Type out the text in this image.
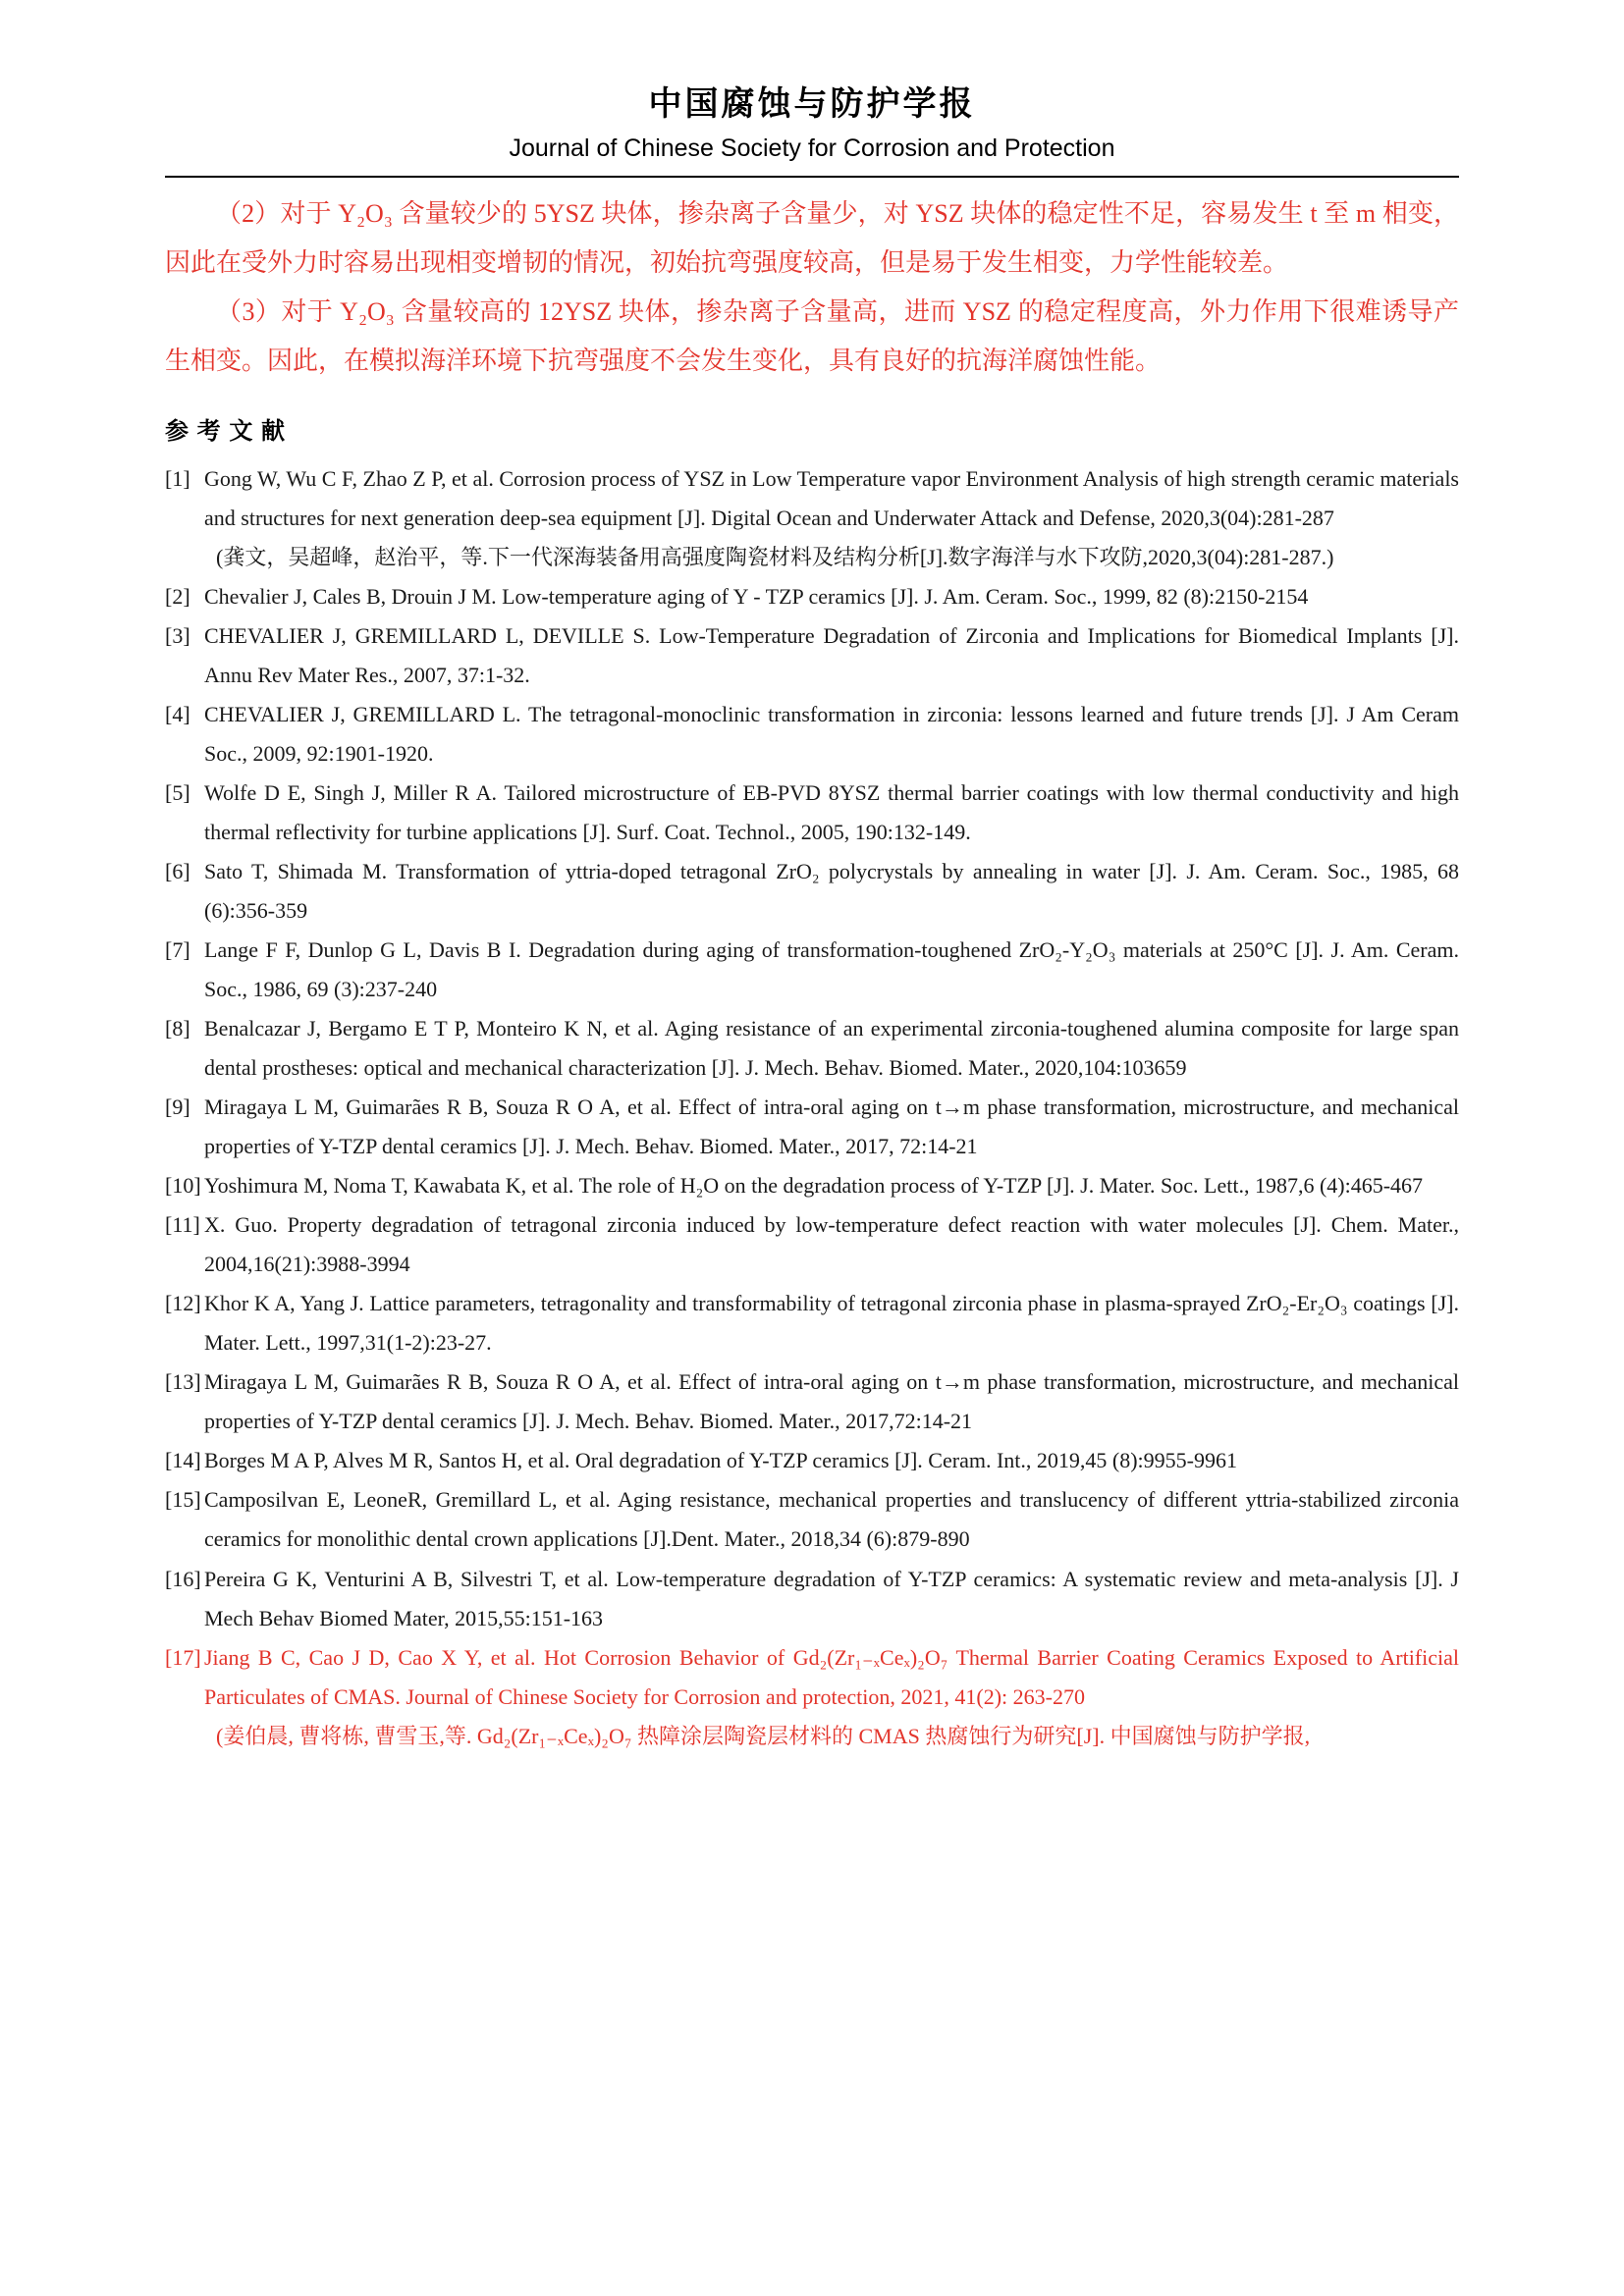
中国腐蚀与防护学报
Journal of Chinese Society for Corrosion and Protection

（2）对于 Y₂O₃ 含量较少的 5YSZ 块体，掺杂离子含量少，对 YSZ 块体的稳定性不足，容易发生 t 至 m 相变，因此在受外力时容易出现相变增韧的情况，初始抗弯强度较高，但是易于发生相变，力学性能较差。

（3）对于 Y₂O₃ 含量较高的 12YSZ 块体，掺杂离子含量高，进而 YSZ 的稳定程度高，外力作用下很难诱导产生相变。因此，在模拟海洋环境下抗弯强度不会发生变化，具有良好的抗海洋腐蚀性能。

参 考 文 献
[1] Gong W, Wu C F, Zhao Z P, et al. Corrosion process of YSZ in Low Temperature vapor Environment Analysis of high strength ceramic materials and structures for next generation deep-sea equipment [J]. Digital Ocean and Underwater Attack and Defense, 2020,3(04):281-287

(龚文，吴超峰，赵治平，等.下一代深海装备用高强度陶瓷材料及结构分析[J].数字海洋与水下攻防,2020,3(04):281-287.)

[2] Chevalier J, Cales B, Drouin J M. Low-temperature aging of Y - TZP ceramics [J]. J. Am. Ceram. Soc., 1999, 82 (8):2150-2154

[3] CHEVALIER J, GREMILLARD L, DEVILLE S. Low-Temperature Degradation of Zirconia and Implications for Biomedical Implants [J]. Annu Rev Mater Res., 2007, 37:1-32.

[4] CHEVALIER J, GREMILLARD L. The tetragonal-monoclinic transformation in zirconia: lessons learned and future trends [J]. J Am Ceram Soc., 2009, 92:1901-1920.

[5] Wolfe D E, Singh J, Miller R A. Tailored microstructure of EB-PVD 8YSZ thermal barrier coatings with low thermal conductivity and high thermal reflectivity for turbine applications [J]. Surf. Coat. Technol., 2005, 190:132-149.

[6] Sato T, Shimada M. Transformation of yttria-doped tetragonal ZrO₂ polycrystals by annealing in water [J]. J. Am. Ceram. Soc., 1985, 68 (6):356-359

[7] Lange F F, Dunlop G L, Davis B I. Degradation during aging of transformation-toughened ZrO₂-Y₂O₃ materials at 250°C [J]. J. Am. Ceram. Soc., 1986, 69 (3):237-240

[8] Benalcazar J, Bergamo E T P, Monteiro K N, et al. Aging resistance of an experimental zirconia-toughened alumina composite for large span dental prostheses: optical and mechanical characterization [J]. J. Mech. Behav. Biomed. Mater., 2020,104:103659

[9] Miragaya L M, Guimarães R B, Souza R O A, et al. Effect of intra-oral aging on t→m phase transformation, microstructure, and mechanical properties of Y-TZP dental ceramics [J]. J. Mech. Behav. Biomed. Mater., 2017, 72:14-21

[10] Yoshimura M, Noma T, Kawabata K, et al. The role of H₂O on the degradation process of Y-TZP [J]. J. Mater. Soc. Lett., 1987,6 (4):465-467

[11] X. Guo. Property degradation of tetragonal zirconia induced by low-temperature defect reaction with water molecules [J]. Chem. Mater., 2004,16(21):3988-3994

[12] Khor K A, Yang J. Lattice parameters, tetragonality and transformability of tetragonal zirconia phase in plasma-sprayed ZrO₂-Er₂O₃ coatings [J]. Mater. Lett., 1997,31(1-2):23-27.

[13] Miragaya L M, Guimarães R B, Souza R O A, et al. Effect of intra-oral aging on t→m phase transformation, microstructure, and mechanical properties of Y-TZP dental ceramics [J]. J. Mech. Behav. Biomed. Mater., 2017,72:14-21

[14] Borges M A P, Alves M R, Santos H, et al. Oral degradation of Y-TZP ceramics [J]. Ceram. Int., 2019,45 (8):9955-9961

[15] Camposilvan E, LeoneR, Gremillard L, et al. Aging resistance, mechanical properties and translucency of different yttria-stabilized zirconia ceramics for monolithic dental crown applications [J].Dent. Mater., 2018,34 (6):879-890

[16] Pereira G K, Venturini A B, Silvestri T, et al. Low-temperature degradation of Y-TZP ceramics: A systematic review and meta-analysis [J]. J Mech Behav Biomed Mater, 2015,55:151-163

[17] Jiang B C, Cao J D, Cao X Y, et al. Hot Corrosion Behavior of Gd₂(Zr₁₋ₓCeₓ)₂O₇ Thermal Barrier Coating Ceramics Exposed to Artificial Particulates of CMAS. Journal of Chinese Society for Corrosion and protection, 2021, 41(2): 263-270

(姜伯晨, 曹将栋, 曹雪玉,等. Gd₂(Zr₁₋ₓCeₓ)₂O₇ 热障涂层陶瓷层材料的 CMAS 热腐蚀行为研究[J]. 中国腐蚀与防护学报,
